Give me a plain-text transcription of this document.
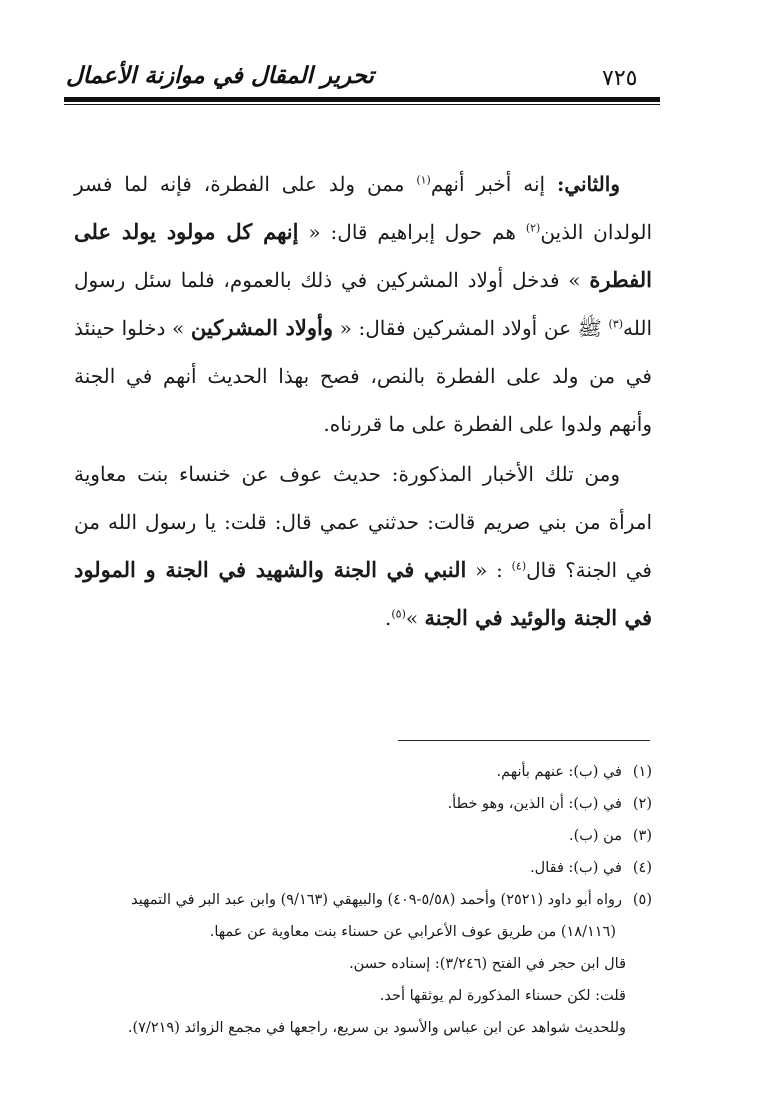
٧٢٥
تحرير المقال في موازنة الأعمال

والثاني: إنه أخبر أنهم$^{(١)}$ ممن ولد على الفطرة، فإنه لما فسر الولدان الذين$^{(٢)}$ هم حول إبراهيم قال: « إنهم كل مولود يولد على الفطرة » فدخل أولاد المشركين في ذلك بالعموم، فلما سئل رسول الله$^{(٣)}$ ﷺ عن أولاد المشركين فقال: « وأولاد المشركين » دخلوا حينئذ في من ولد على الفطرة بالنص، فصح بهذا الحديث أنهم في الجنة وأنهم ولدوا على الفطرة على ما قررناه.

ومن تلك الأخبار المذكورة: حديث عوف عن خنساء بنت معاوية امرأة من بني صريم قالت: حدثني عمي قال: قلت: يا رسول الله من في الجنة؟ قال$^{(٤)}$ : « النبي في الجنة والشهيد في الجنة و المولود في الجنة والوئيد في الجنة »$^{(٥)}$.

(١)في (ب): عنهم بأنهم.

(٢)في (ب): أن الذين، وهو خطأ.

(٣)من (ب).

(٤)في (ب): فقال.

(٥)رواه أبو داود (٢٥٢١) وأحمد (٥/٥٨-٤٠٩) والبيهقي (٩/١٦٣) وابن عبد البر في التمهيد

(١٨/١١٦) من طريق عوف الأعرابي عن حسناء بنت معاوية عن عمها.

قال ابن حجر في الفتح (٣/٢٤٦): إسناده حسن.

قلت: لكن حسناء المذكورة لم يوثقها أحد.

وللحديث شواهد عن ابن عباس والأسود بن سريع، راجعها في مجمع الزوائد (٧/٢١٩).
